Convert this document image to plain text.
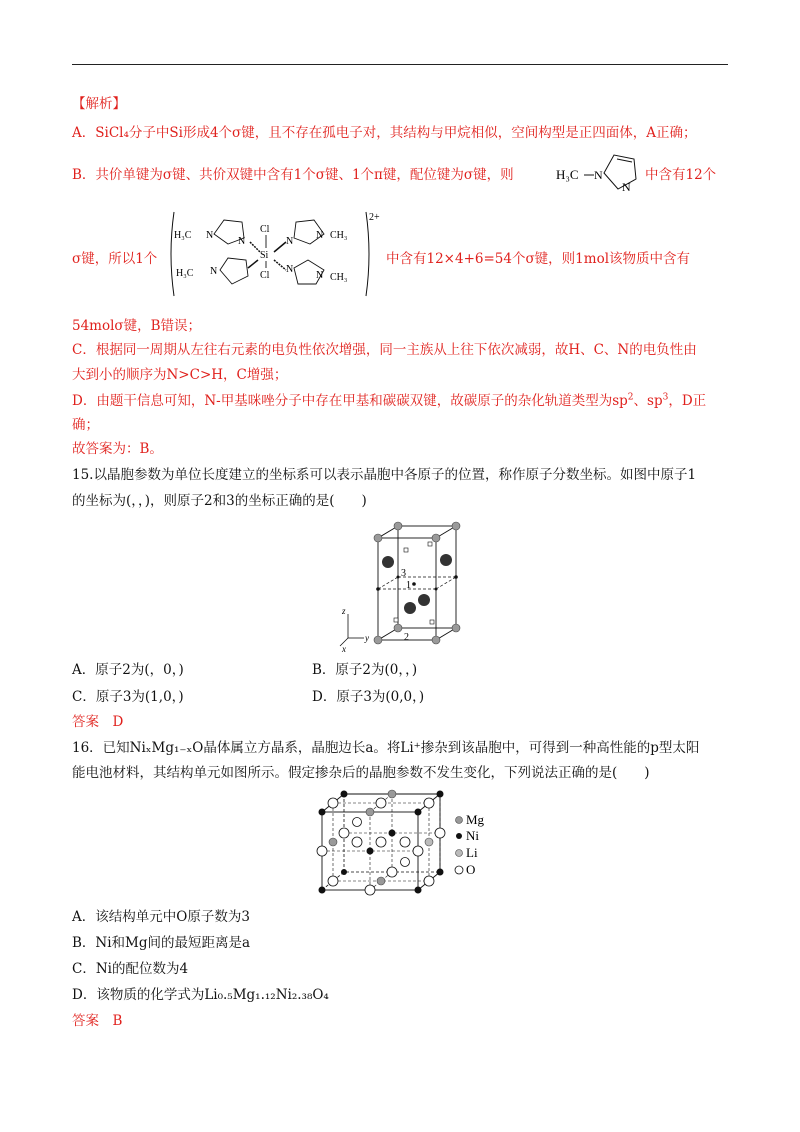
【解析】
A．SiCl₄分子中Si形成4个σ键，且不存在孤电子对，其结构与甲烷相似，空间构型是正四面体，A正确；
B．共价单键为σ键、共价双键中含有1个σ键、1个π键，配位键为σ键，则	H₃C N
N
中含有12个
σ键，所以1个
2+
H₃C N
N
H₃C N
Cl
Si
Cl
N
N CH₃
N
N CH₃
中含有12×4+6=54个σ键，则1mol该物质中含有
54molσ键，B错误；
C．根据同一周期从左往右元素的电负性依次增强，同一主族从上往下依次减弱，故H、C、N的电负性由
大到小的顺序为N>C>H，C增强；
D．由题干信息可知，N-甲基咪唑分子中存在甲基和碳碳双键，故碳原子的杂化轨道类型为$sp^2$、$sp^3$，D正
确；
故答案为：B。
15.以晶胞参数为单位长度建立的坐标系可以表示晶胞中各原子的位置，称作原子分数坐标。如图中原子1
的坐标为(，，)，则原子2和3的坐标正确的是(　　)
3
1
2
z
y
x
A．原子2为(，0，)	B．原子2为(0，，)
C．原子3为(1,0，)	D．原子3为(0,0，)
答案　D
16．已知NiₓMg₁₋ₓO晶体属立方晶系，晶胞边长a。将Li⁺掺杂到该晶胞中，可得到一种高性能的p型太阳
能电池材料，其结构单元如图所示。假定掺杂后的晶胞参数不发生变化，下列说法正确的是(　　)
Mg
Ni
Li
O
A．该结构单元中O原子数为3
B．Ni和Mg间的最短距离是a
C．Ni的配位数为4
D．该物质的化学式为Li₀.₅Mg₁.₁₂Ni₂.₃₈O₄
答案　B
